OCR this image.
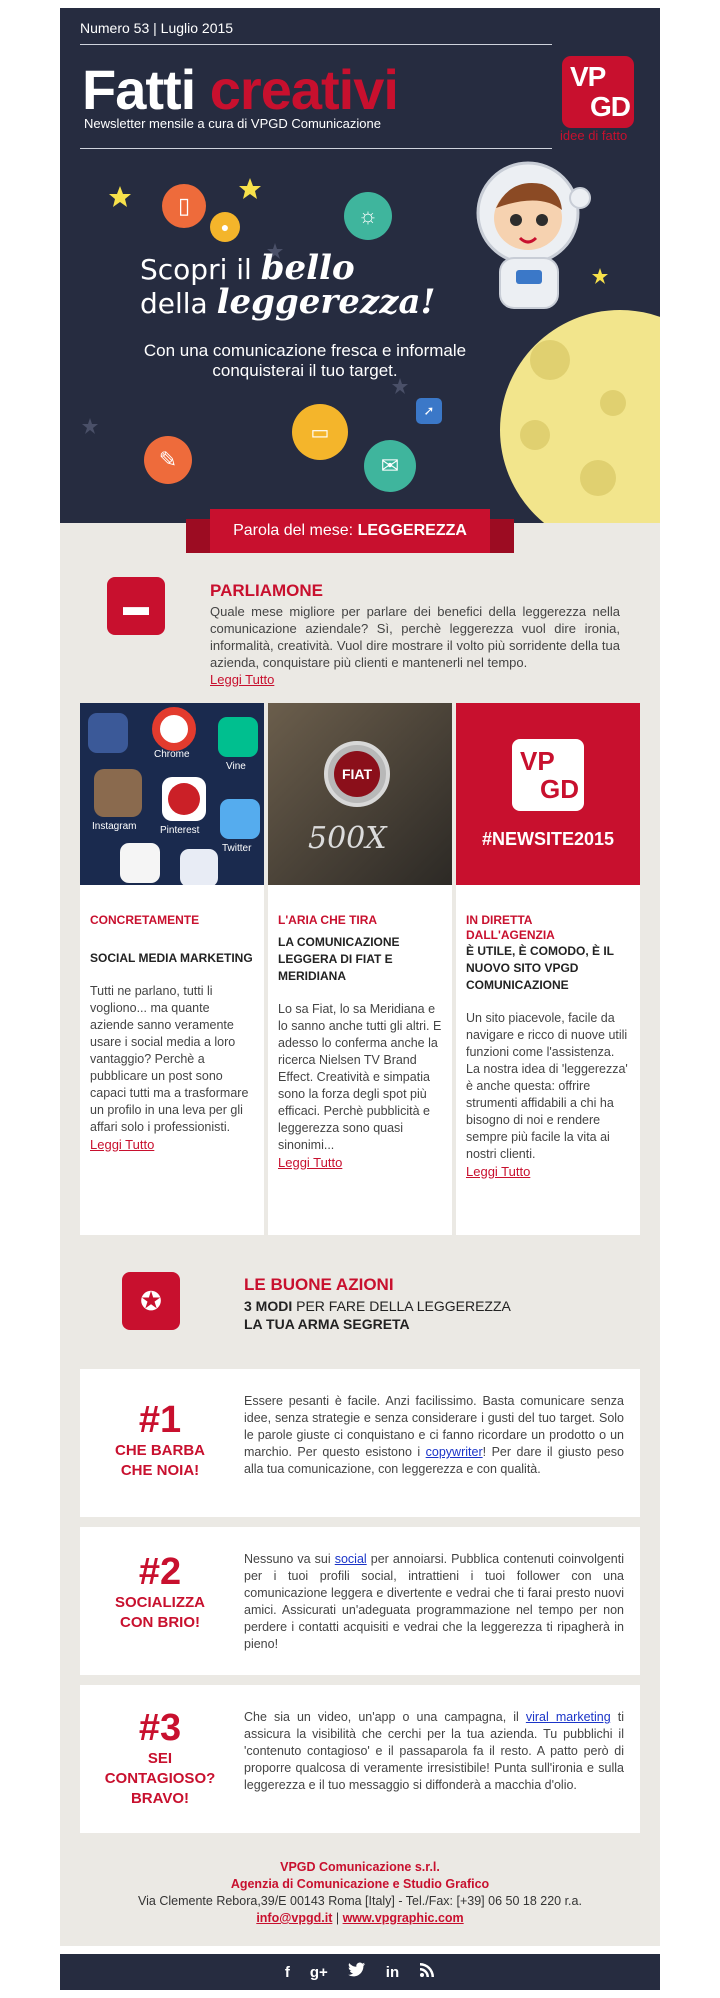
Numero 53 | Luglio 2015
Fatti creativi
Newsletter mensile a cura di VPGD Comunicazione
VP
GD
idee di fatto
▯
●	☼
▭
✎	✉
➚
Scopri il bello
della leggerezza!
Con una comunicazione fresca e informale conquisterai il tuo target.
Parola del mese: LEGGEREZZA
▬	PARLIAMONE
Quale mese migliore per parlare dei benefici della leggerezza nella comunicazione aziendale? Sì, perchè leggerezza vuol dire ironia, informalità, creatività. Vuol dire mostrare il volto più sorridente della tua azienda, conquistare più clienti e mantenerli nel tempo.
Leggi Tutto
Chrome
Vine
Instagram Pinterest
Twitter
CONCRETAMENTE
SOCIAL MEDIA MARKETING
Tutti ne parlano, tutti li vogliono... ma quante aziende sanno veramente usare i social media a loro vantaggio? Perchè a pubblicare un post sono capaci tutti ma a trasformare un profilo in una leva per gli affari solo i professionisti.
Leggi Tutto
FIAT
500X
L'ARIA CHE TIRA
LA COMUNICAZIONE LEGGERA DI FIAT E MERIDIANA
Lo sa Fiat, lo sa Meridiana e lo sanno anche tutti gli altri. E adesso lo conferma anche la ricerca Nielsen TV Brand Effect. Creatività e simpatia sono la forza degli spot più efficaci. Perchè pubblicità e leggerezza sono quasi sinonimi...
Leggi Tutto
VP
GD
#NEWSITE2015
IN DIRETTA DALL'AGENZIA
È UTILE, È COMODO, È IL NUOVO SITO VPGD COMUNICAZIONE
Un sito piacevole, facile da navigare e ricco di nuove utili funzioni come l'assistenza. La nostra idea di 'leggerezza' è anche questa: offrire strumenti affidabili a chi ha bisogno di noi e rendere sempre più facile la vita ai nostri clienti.
Leggi Tutto
✪
LE BUONE AZIONI
3 MODI PER FARE DELLA LEGGEREZZA
LA TUA ARMA SEGRETA
#1
CHE BARBA CHE NOIA!
Essere pesanti è facile. Anzi facilissimo. Basta comunicare senza idee, senza strategie e senza considerare i gusti del tuo target. Solo le parole giuste ci conquistano e ci fanno ricordare un prodotto o un marchio. Per questo esistono i copywriter! Per dare il giusto peso alla tua comunicazione, con leggerezza e con qualità.
#2
SOCIALIZZA CON BRIO!
Nessuno va sui social per annoiarsi. Pubblica contenuti coinvolgenti per i tuoi profili social, intrattieni i tuoi follower con una comunicazione leggera e divertente e vedrai che ti farai presto nuovi amici. Assicurati un'adeguata programmazione nel tempo per non perdere i contatti acquisiti e vedrai che la leggerezza ti ripagherà in pieno!
#3
SEI CONTAGIOSO? BRAVO!
Che sia un video, un'app o una campagna, il viral marketing ti assicura la visibilità che cerchi per la tua azienda. Tu pubblichi il 'contenuto contagioso' e il passaparola fa il resto. A patto però di proporre qualcosa di veramente irresistibile! Punta sull'ironia e sulla leggerezza e il tuo messaggio si diffonderà a macchia d'olio.
VPGD Comunicazione s.r.l.
Agenzia di Comunicazione e Studio Grafico
Via Clemente Rebora,39/E 00143 Roma [Italy] - Tel./Fax: [+39] 06 50 18 220 r.a.
info@vpgd.it | www.vpgraphic.com
f g+	in
